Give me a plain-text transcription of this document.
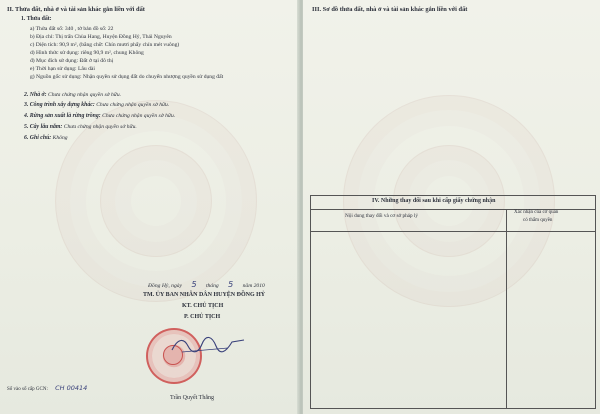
II. Thửa đất, nhà ở và tài sản khác gắn liền với đất
1. Thửa đất:
a) Thửa đất số: 340 , tờ bản đồ số: 22
b) Địa chỉ: Thị trấn Chùa Hang, Huyện Đồng Hỷ, Thái Nguyên
c) Diện tích: 90,9 m², (bằng chữ: Chín mươi phẩy chín mét vuông)
d) Hình thức sử dụng: riêng 90,9 m², chung Không
đ) Mục đích sử dụng: Đất ở tại đô thị
e) Thời hạn sử dụng: Lâu dài
g) Nguồn gốc sử dụng: Nhận quyền sử dụng đất do chuyển nhượng quyền sử dụng đất
2. Nhà ở: Chưa chứng nhận quyền sở hữu.
3. Công trình xây dựng khác: Chưa chứng nhận quyền sở hữu.
4. Rừng sản xuất là rừng trồng: Chưa chứng nhận quyền sở hữu.
5. Cây lâu năm: Chưa chứng nhận quyền sở hữu.
6. Ghi chú: Không
Đồng Hỷ, ngày 5 tháng 5 năm 2010
TM. ỦY BAN NHÂN DÂN HUYỆN ĐỒNG HỶ
KT. CHỦ TỊCH
P. CHỦ TỊCH
Trần Quyết Thắng
Số vào sổ cấp GCN: CH 00414
III. Sơ đồ thửa đất, nhà ở và tài sản khác gắn liền với đất
IV. Những thay đổi sau khi cấp giấy chứng nhận
Nội dung thay đổi và cơ sở pháp lý
Xác nhận của cơ quan
có thẩm quyền
